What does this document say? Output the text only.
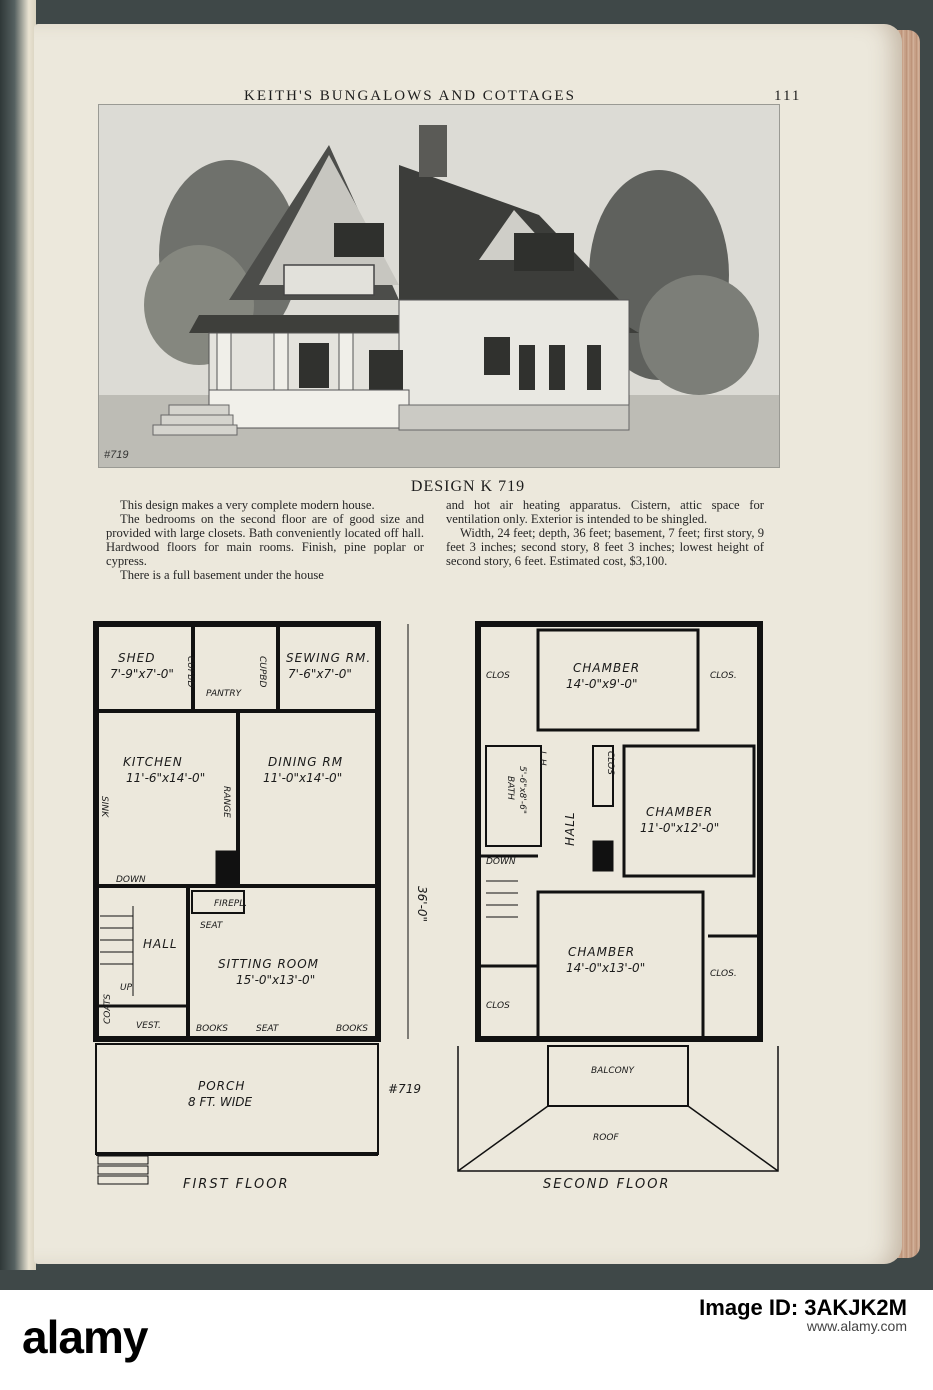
KEITH'S BUNGALOWS AND COTTAGES	111
#719
DESIGN K 719

This design makes a very complete modern house.

The bedrooms on the second floor are of good size and provided with large closets. Bath conveniently located off hall. Hardwood floors for main rooms. Finish, pine poplar or cypress.

There is a full basement under the house

and hot air heating apparatus. Cistern, attic space for ventilation only. Exterior is intended to be shingled.

Width, 24 feet; depth, 36 feet; basement, 7 feet; first story, 9 feet 3 inches; second story, 8 feet 3 inches; lowest height of second story, 6 feet. Estimated cost, $3,100.

SHED
7'-9"x7'-0"
SEWING RM.
7'-6"x7'-0"
PANTRY
KITCHEN
11'-6"x14'-0"
DINING RM
11'-0"x14'-0"
SITTING ROOM
15'-0"x13'-0"
HALL
VEST.
PORCH
8 FT. WIDE
CUPBD	CUPBD
SINK	RANGE
DOWN
UP
FIREPL.
SEAT
SEAT
BOOKS	BOOKS
COATS
36'-0"
#719
FIRST FLOOR
CHAMBER
14'-0"x9'-0"
CHAMBER
11'-0"x12'-0"
CHAMBER
14'-0"x13'-0"
BATH 5'-6"x8'-6"
HALL
BALCONY
ROOF
CLOS	CLOS.
CLOS
CLOS.
CLOS
DOWN
L.H.
SECOND FLOOR
alamy
Image ID: 3AKJK2M
www.alamy.com
